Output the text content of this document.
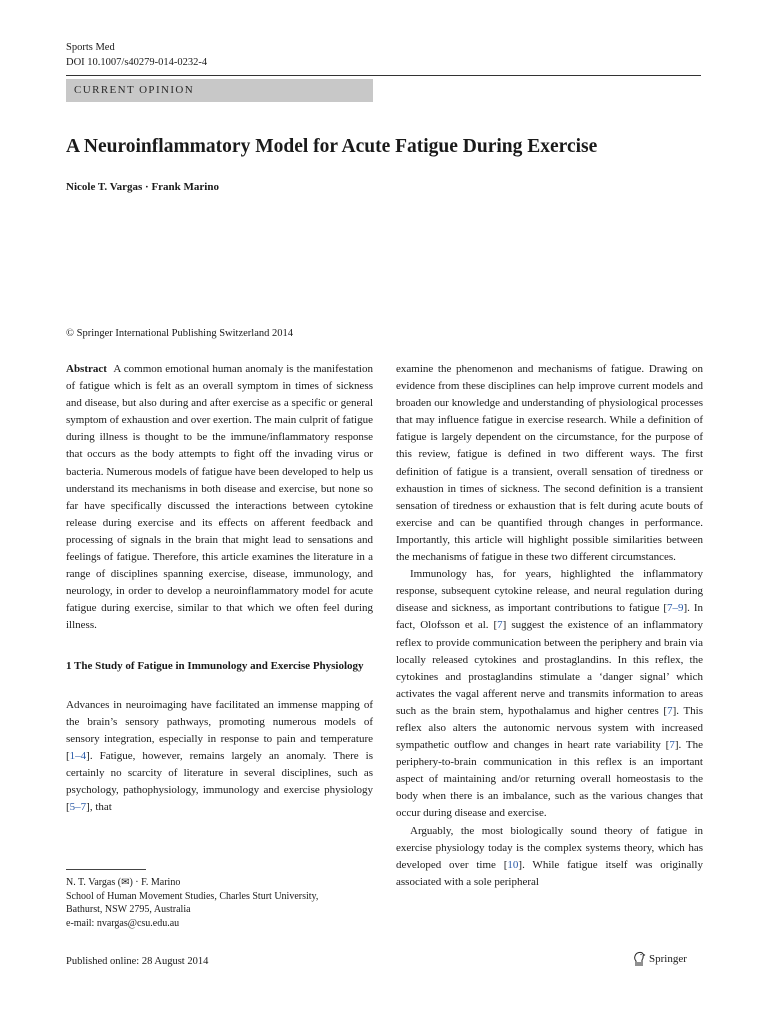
Sports Med
DOI 10.1007/s40279-014-0232-4
CURRENT OPINION
A Neuroinflammatory Model for Acute Fatigue During Exercise
Nicole T. Vargas · Frank Marino
© Springer International Publishing Switzerland 2014

Abstract A common emotional human anomaly is the manifestation of fatigue which is felt as an overall symptom in times of sickness and disease, but also during and after exercise as a specific or general symptom of exhaustion and over exertion. The main culprit of fatigue during illness is thought to be the immune/inflammatory response that occurs as the body attempts to fight off the invading virus or bacteria. Numerous models of fatigue have been developed to help us understand its mechanisms in both disease and exercise, but none so far have specifically discussed the interactions between cytokine release during exercise and its effects on afferent feedback and processing of signals in the brain that might lead to sensations and feelings of fatigue. Therefore, this article examines the literature in a range of disciplines spanning exercise, disease, immunology, and neurology, in order to develop a neuroinflammatory model for acute fatigue during exercise, similar to that which we often feel during illness.

1 The Study of Fatigue in Immunology and Exercise Physiology

Advances in neuroimaging have facilitated an immense mapping of the brain’s sensory pathways, promoting numerous models of sensory integration, especially in response to pain and temperature [1–4]. Fatigue, however, remains largely an anomaly. There is certainly no scarcity of literature in several disciplines, such as psychology, pathophysiology, immunology and exercise physiology [5–7], that

examine the phenomenon and mechanisms of fatigue. Drawing on evidence from these disciplines can help improve current models and broaden our knowledge and understanding of physiological processes that may influence fatigue in exercise research. While a definition of fatigue is largely dependent on the circumstance, for the purpose of this review, fatigue is defined in two different ways. The first definition of fatigue is a transient, overall sensation of tiredness or exhaustion in times of sickness. The second definition is a transient sensation of tiredness or exhaustion that is felt during acute bouts of exercise and can be quantified through changes in performance. Importantly, this article will highlight possible similarities between the mechanisms of fatigue in these two different circumstances.

Immunology has, for years, highlighted the inflammatory response, subsequent cytokine release, and neural regulation during disease and sickness, as important contributions to fatigue [7–9]. In fact, Olofsson et al. [7] suggest the existence of an inflammatory reflex to provide communication between the periphery and brain via locally released cytokines and prostaglandins. In this reflex, the cytokines and prostaglandins stimulate a ‘danger signal’ which activates the vagal afferent nerve and transmits information to areas such as the brain stem, hypothalamus and higher centres [7]. This reflex also alters the autonomic nervous system with increased sympathetic outflow and changes in heart rate variability [7]. The periphery-to-brain communication in this reflex is an important aspect of maintaining and/or returning overall homeostasis to the body when there is an imbalance, such as the various changes that occur during disease and exercise.

Arguably, the most biologically sound theory of fatigue in exercise physiology today is the complex systems theory, which has developed over time [10]. While fatigue itself was originally associated with a sole peripheral

N. T. Vargas (✉) · F. Marino
School of Human Movement Studies, Charles Sturt University,
Bathurst, NSW 2795, Australia
e-mail: nvargas@csu.edu.au
Published online: 28 August 2014	Springer
